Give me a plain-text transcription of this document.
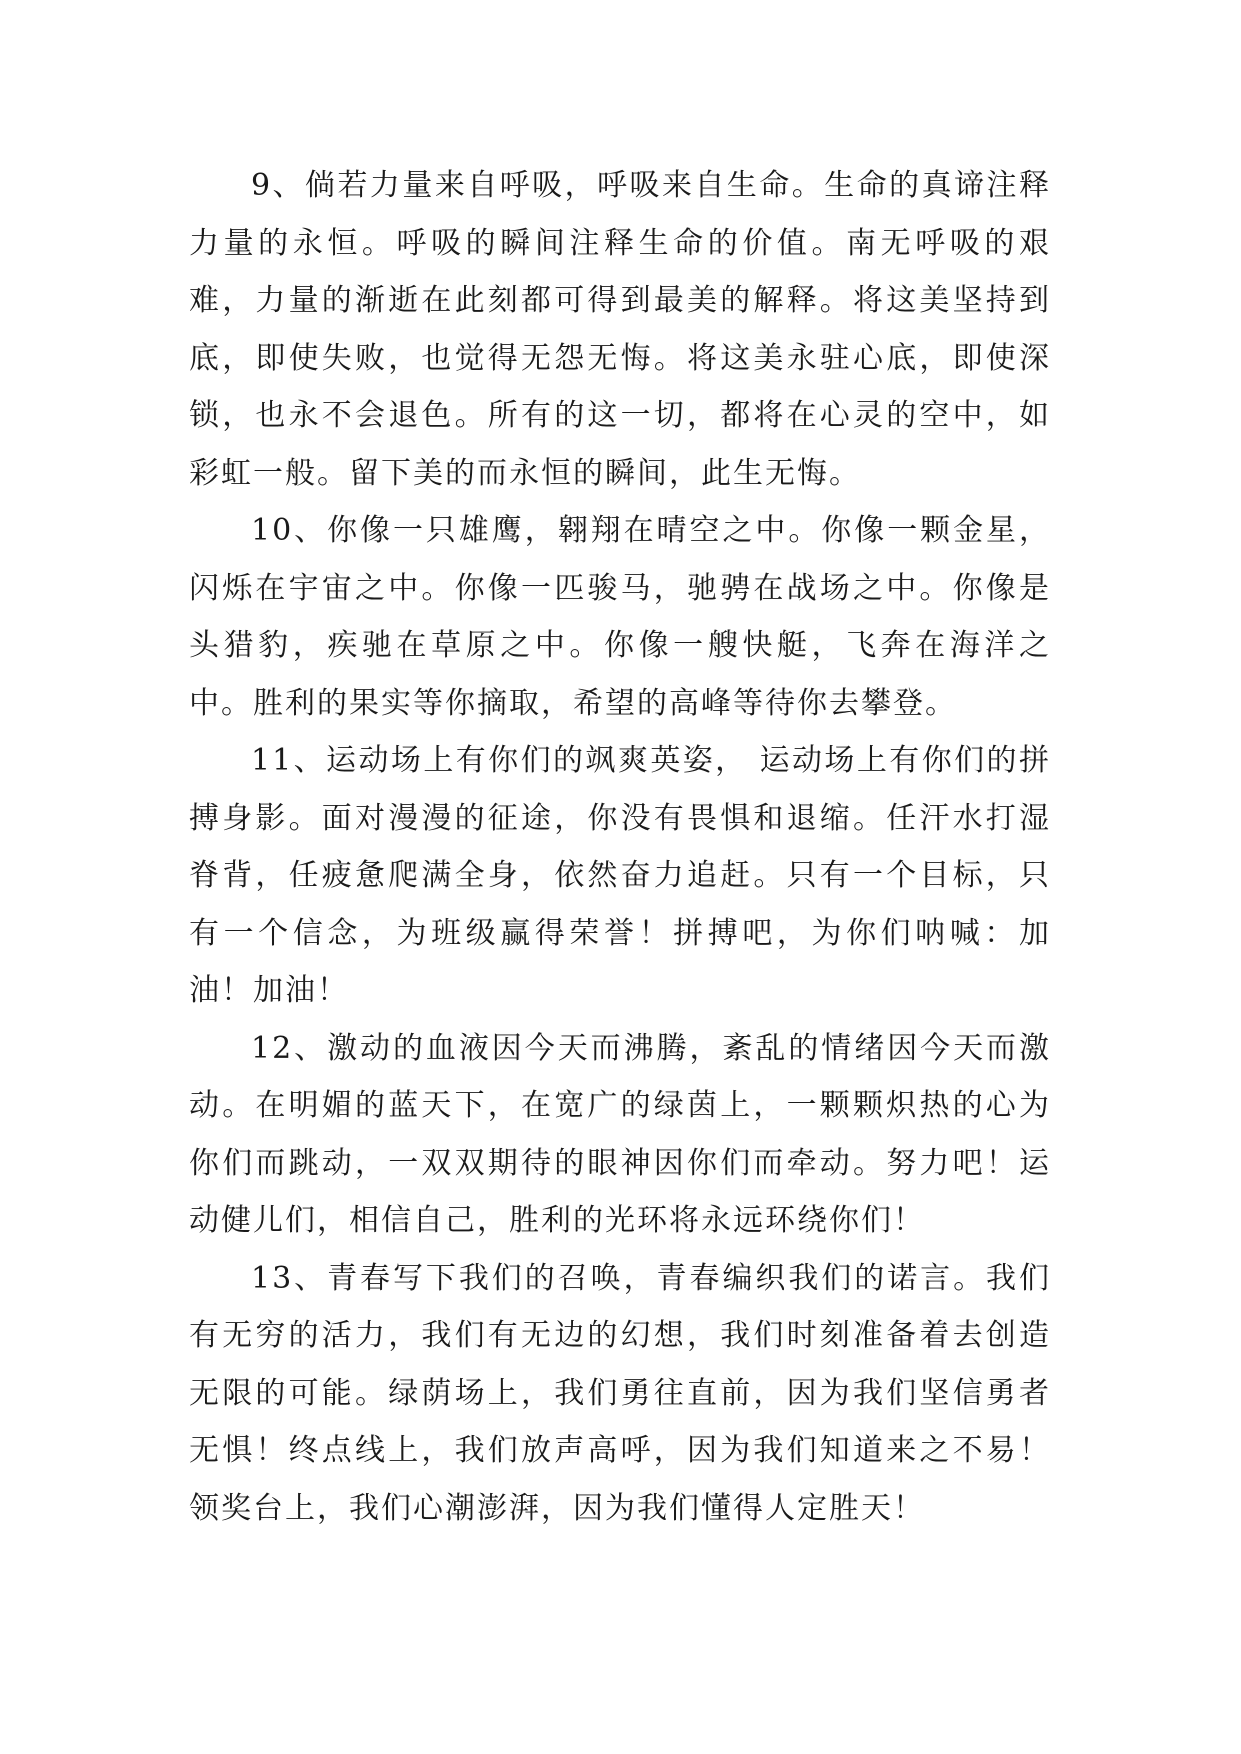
9、倘若力量来自呼吸，呼吸来自生命。生命的真谛注释力量的永恒。呼吸的瞬间注释生命的价值。南无呼吸的艰难，力量的渐逝在此刻都可得到最美的解释。将这美坚持到底，即使失败，也觉得无怨无悔。将这美永驻心底，即使深锁，也永不会退色。所有的这一切，都将在心灵的空中，如彩虹一般。留下美的而永恒的瞬间，此生无悔。

10、你像一只雄鹰，翱翔在晴空之中。你像一颗金星，闪烁在宇宙之中。你像一匹骏马，驰骋在战场之中。你像是头猎豹，疾驰在草原之中。你像一艘快艇，飞奔在海洋之中。胜利的果实等你摘取，希望的高峰等待你去攀登。

11、运动场上有你们的飒爽英姿， 运动场上有你们的拼搏身影。面对漫漫的征途，你没有畏惧和退缩。任汗水打湿脊背，任疲惫爬满全身，依然奋力追赶。只有一个目标，只有一个信念，为班级赢得荣誉！拼搏吧，为你们呐喊：加油！加油！

12、激动的血液因今天而沸腾，紊乱的情绪因今天而激动。在明媚的蓝天下，在宽广的绿茵上，一颗颗炽热的心为你们而跳动，一双双期待的眼神因你们而牵动。努力吧！运动健儿们，相信自己，胜利的光环将永远环绕你们！

13、青春写下我们的召唤，青春编织我们的诺言。我们有无穷的活力，我们有无边的幻想，我们时刻准备着去创造无限的可能。绿荫场上，我们勇往直前，因为我们坚信勇者无惧！终点线上，我们放声高呼，因为我们知道来之不易！领奖台上，我们心潮澎湃，因为我们懂得人定胜天！
